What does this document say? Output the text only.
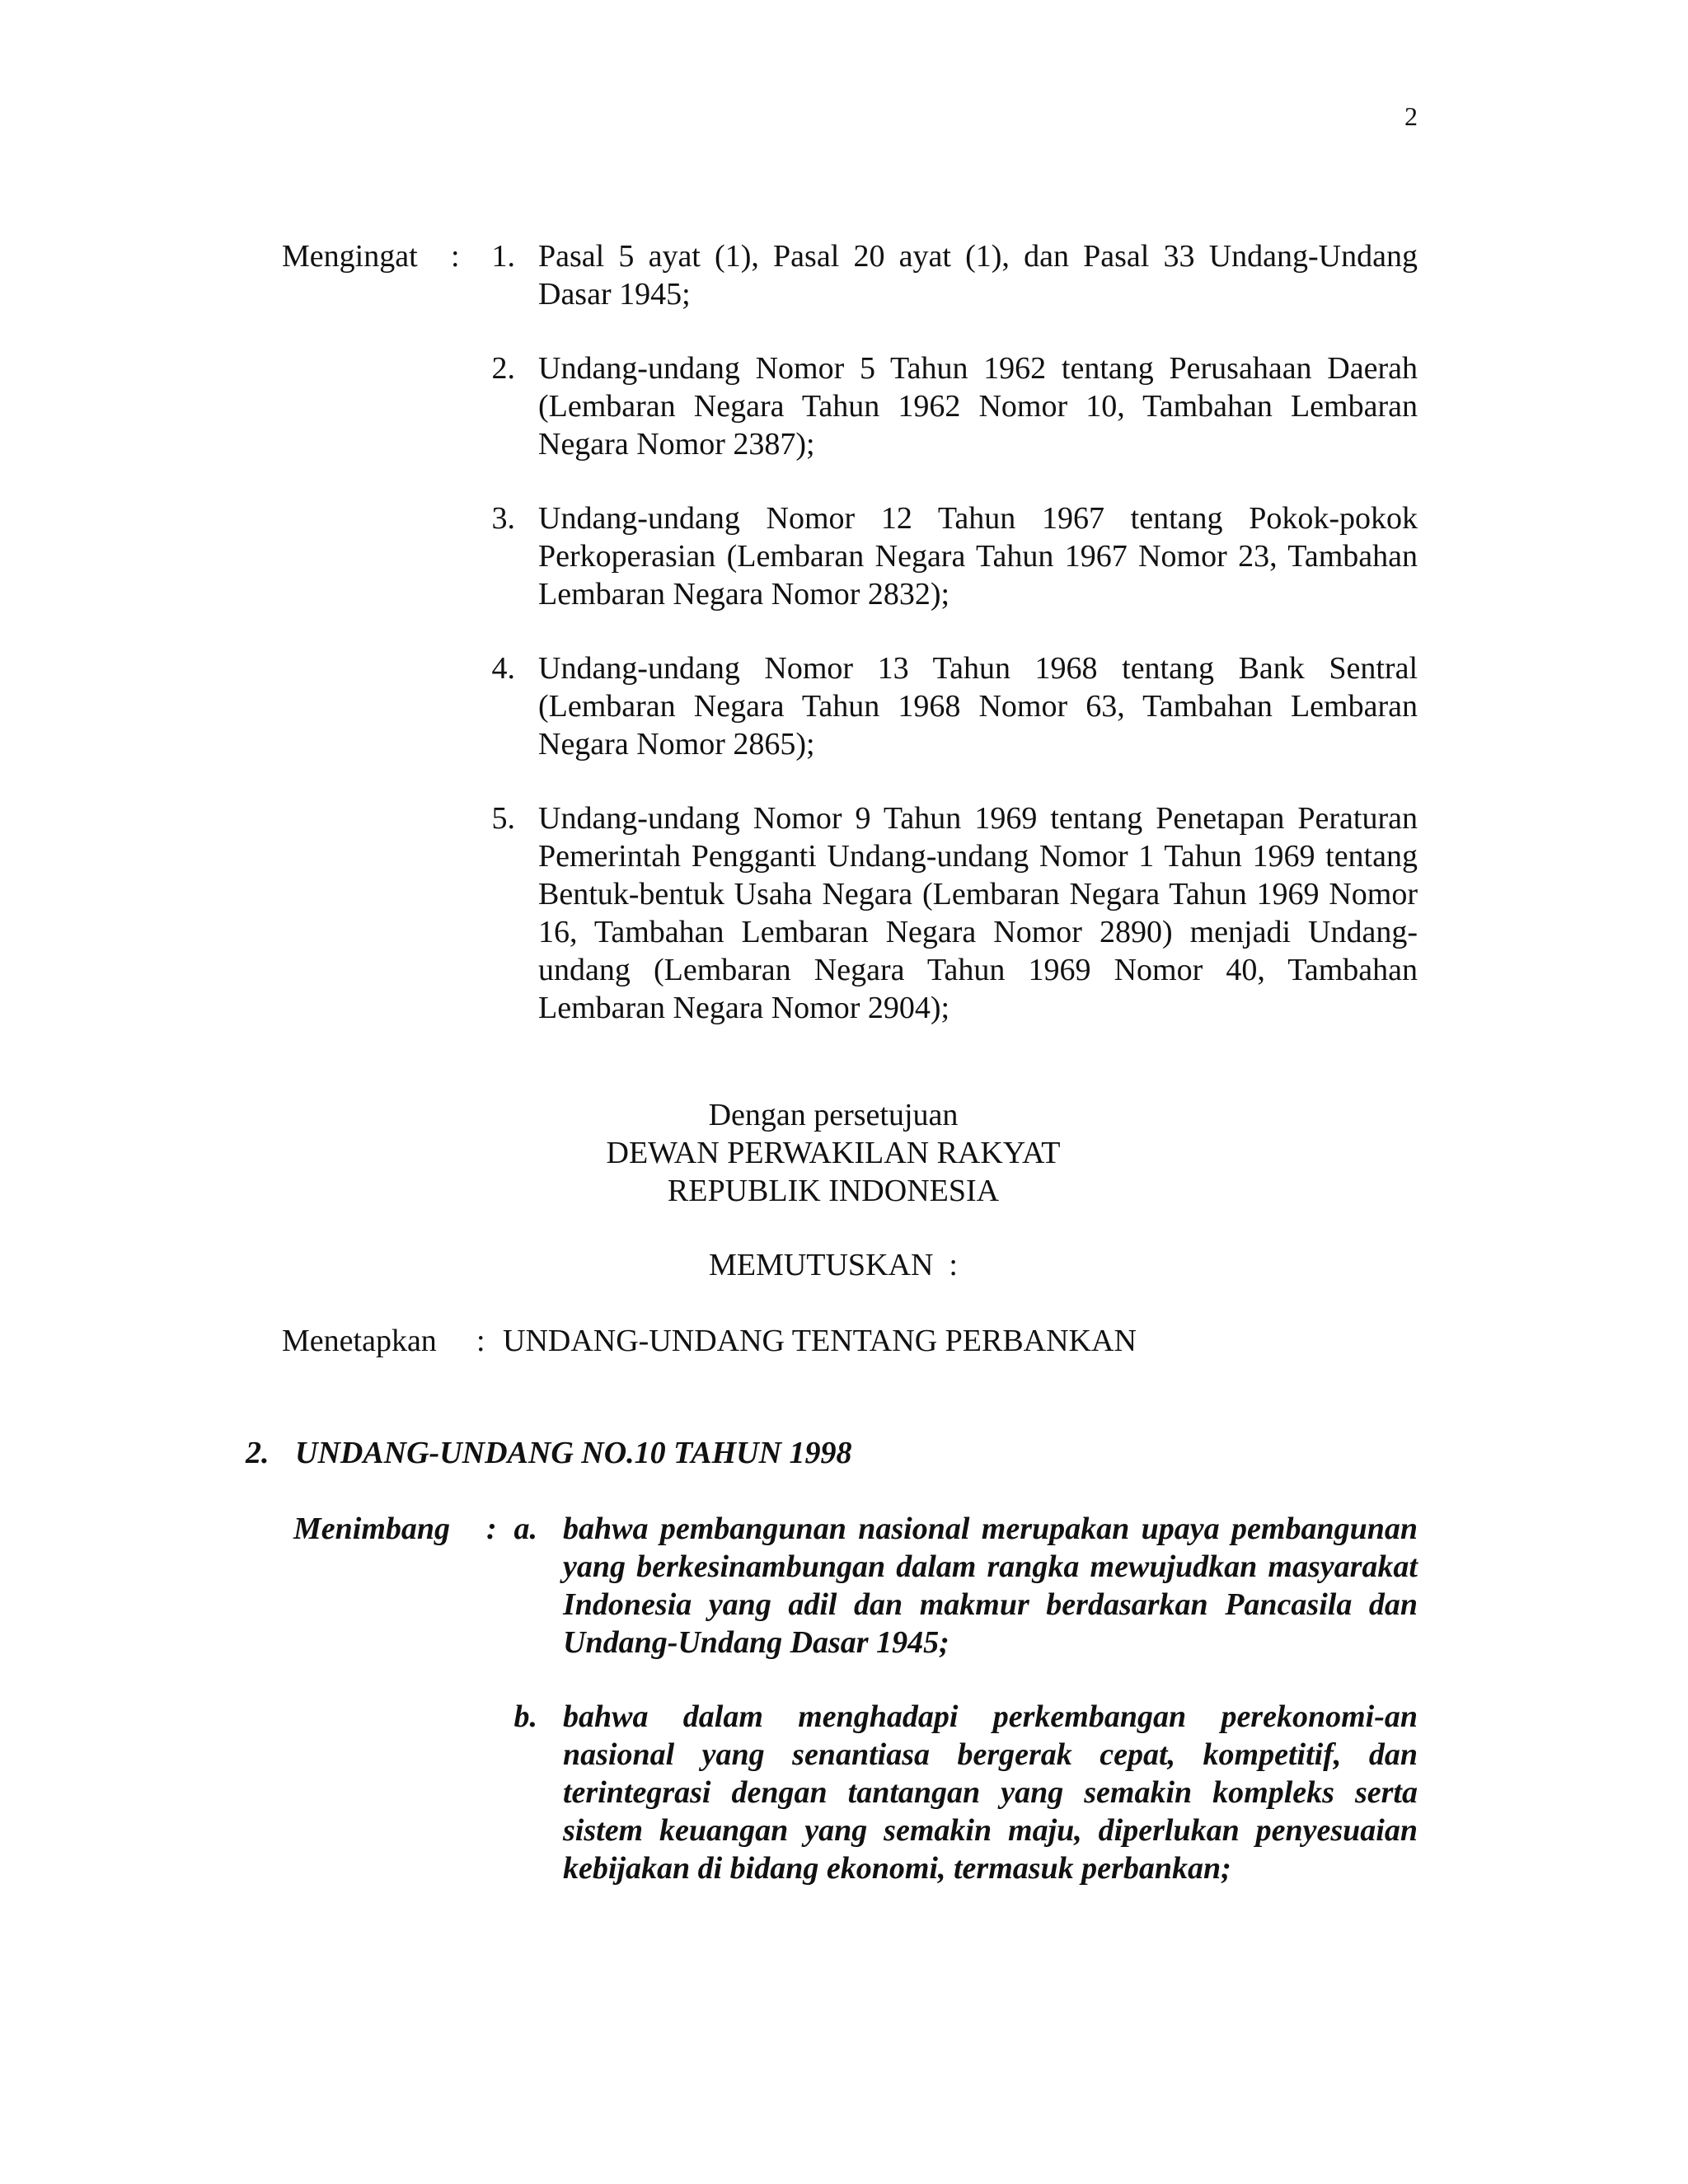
2
Mengingat :	1. Pasal 5 ayat (1), Pasal 20 ayat (1), dan Pasal 33 Undang-Undang Dasar 1945;
2. Undang-undang Nomor 5 Tahun 1962 tentang Perusahaan Daerah (Lembaran Negara Tahun 1962 Nomor 10, Tambahan Lembaran Negara Nomor 2387);
3. Undang-undang Nomor 12 Tahun 1967 tentang Pokok-pokok Perkoperasian (Lembaran Negara Tahun 1967 Nomor 23, Tambahan Lembaran Negara Nomor 2832);
4. Undang-undang Nomor 13 Tahun 1968 tentang Bank Sentral (Lembaran Negara Tahun 1968 Nomor 63, Tambahan Lembaran Negara Nomor 2865);
5. Undang-undang Nomor 9 Tahun 1969 tentang Penetapan Peraturan Pemerintah Pengganti Undang-undang Nomor 1 Tahun 1969 tentang Bentuk-bentuk Usaha Negara (Lembaran Negara Tahun 1969 Nomor 16, Tambahan Lembaran Negara Nomor 2890) menjadi Undang-undang (Lembaran Negara Tahun 1969 Nomor 40, Tambahan Lembaran Negara Nomor 2904);
Dengan persetujuan
DEWAN PERWAKILAN RAKYAT
REPUBLIK INDONESIA
MEMUTUSKAN  :
Menetapkan : UNDANG-UNDANG TENTANG PERBANKAN
2. UNDANG-UNDANG NO.10 TAHUN 1998
Menimbang : a. bahwa pembangunan nasional merupakan upaya pembangunan yang berkesinambungan dalam rangka mewujudkan masyarakat Indonesia yang adil dan makmur berdasarkan Pancasila dan Undang-Undang Dasar 1945;
b. bahwa dalam menghadapi perkembangan perekonomi-an nasional yang senantiasa bergerak cepat, kompetitif, dan terintegrasi dengan tantangan yang semakin kompleks serta sistem keuangan yang semakin maju, diperlukan penyesuaian kebijakan di bidang ekonomi, termasuk perbankan;
